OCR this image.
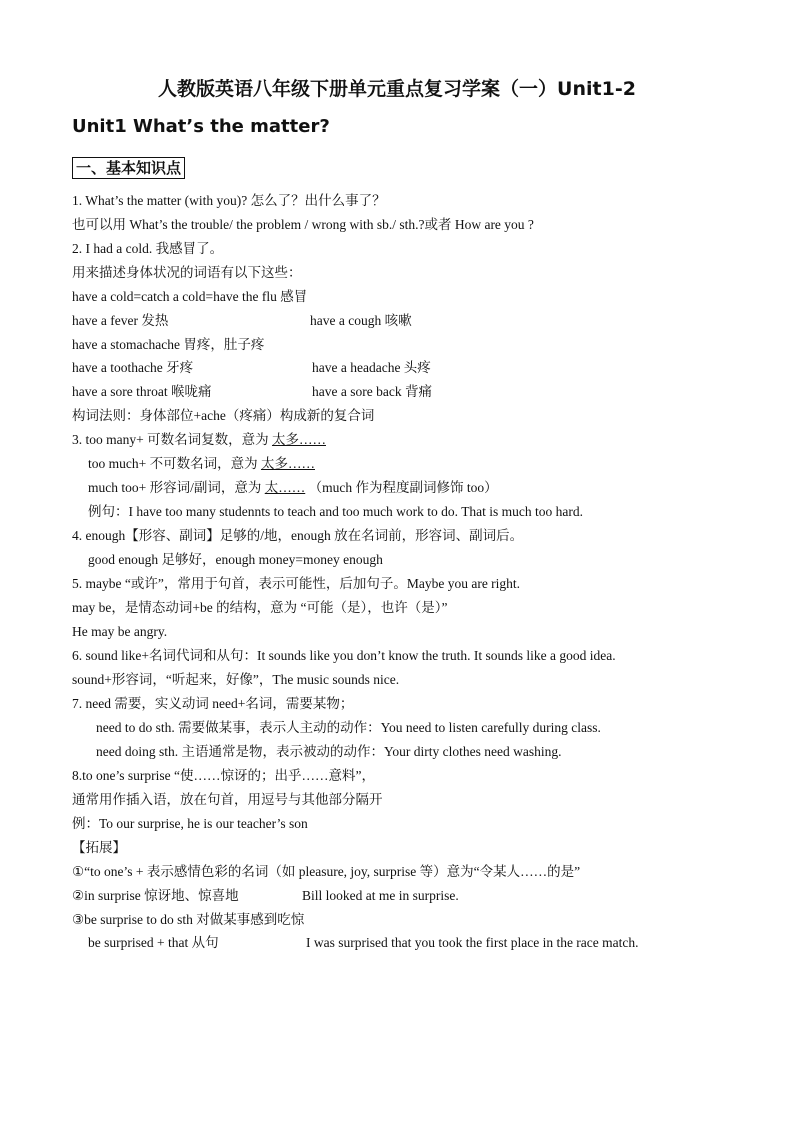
人教版英语八年级下册单元重点复习学案（一）Unit1-2
Unit1 What’s the matter?
一、基本知识点
1. What’s the matter (with you)? 怎么了？出什么事了？
也可以用 What’s the trouble/ the problem / wrong with sb./ sth.?或者 How are you ?
2. I had a cold. 我感冒了。
用来描述身体状况的词语有以下这些：
have a cold=catch a cold=have the flu 感冒
have a fever 发热	have a cough 咳嗽
have a stomachache 胃疼，肚子疼
have a toothache 牙疼	have a headache 头疼
have a sore throat 喉咙痛	have a sore back 背痛
构词法则：身体部位+ache（疼痛）构成新的复合词
3. too many+ 可数名词复数，意为 太多……
too much+ 不可数名词，意为 太多……
much too+ 形容词/副词，意为 太…… （much 作为程度副词修饰 too）
例句：I have too many studennts to teach and too much work to do. That is much too hard.
4. enough【形容、副词】足够的/地，enough 放在名词前，形容词、副词后。
good enough 足够好，enough money=money enough
5. maybe “或许”，常用于句首，表示可能性，后加句子。Maybe you are right.
may be，是情态动词+be 的结构，意为 “可能（是），也许（是）”
He may be angry.
6. sound like+名词代词和从句：It sounds like you don’t know the truth. It sounds like a good idea.
sound+形容词，“听起来，好像”，The music sounds nice.
7. need 需要，实义动词 need+名词，需要某物；
need to do sth. 需要做某事，表示人主动的动作：You need to listen carefully during class.
need doing sth. 主语通常是物，表示被动的动作：Your dirty clothes need washing.
8.to one’s surprise “使……惊讶的；出乎……意料”，
通常用作插入语，放在句首，用逗号与其他部分隔开
例：To our surprise, he is our teacher’s son
【拓展】
①“to one’s + 表示感情色彩的名词（如 pleasure, joy, surprise 等）意为“令某人……的是”
②in surprise 惊讶地、惊喜地	Bill looked at me in surprise.
③be surprise to do sth 对做某事感到吃惊
be surprised + that 从句	I was surprised that you took the first place in the race match.
